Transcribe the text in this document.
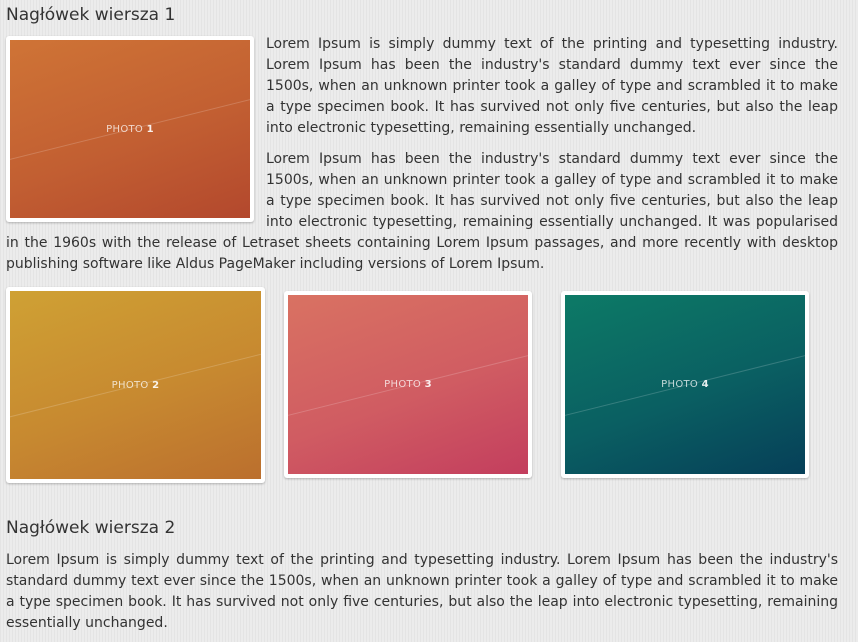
Nagłówek wiersza 1
PHOTO 1

Lorem Ipsum is simply dummy text of the printing and typesetting industry. Lorem Ipsum has been the industry's standard dummy text ever since the 1500s, when an unknown printer took a galley of type and scrambled it to make a type specimen book. It has survived not only five centuries, but also the leap into electronic typesetting, remaining essentially unchanged.

Lorem Ipsum has been the industry's standard dummy text ever since the 1500s, when an unknown printer took a galley of type and scrambled it to make a type specimen book. It has survived not only five centuries, but also the leap into electronic typesetting, remaining essentially unchanged. It was popularised in the 1960s with the release of Letraset sheets containing Lorem Ipsum passages, and more recently with desktop publishing software like Aldus PageMaker including versions of Lorem Ipsum.

PHOTO 2	PHOTO 3	PHOTO 4
Nagłówek wiersza 2

Lorem Ipsum is simply dummy text of the printing and typesetting industry. Lorem Ipsum has been the industry's standard dummy text ever since the 1500s, when an unknown printer took a galley of type and scrambled it to make a type specimen book. It has survived not only five centuries, but also the leap into electronic typesetting, remaining essentially unchanged.
